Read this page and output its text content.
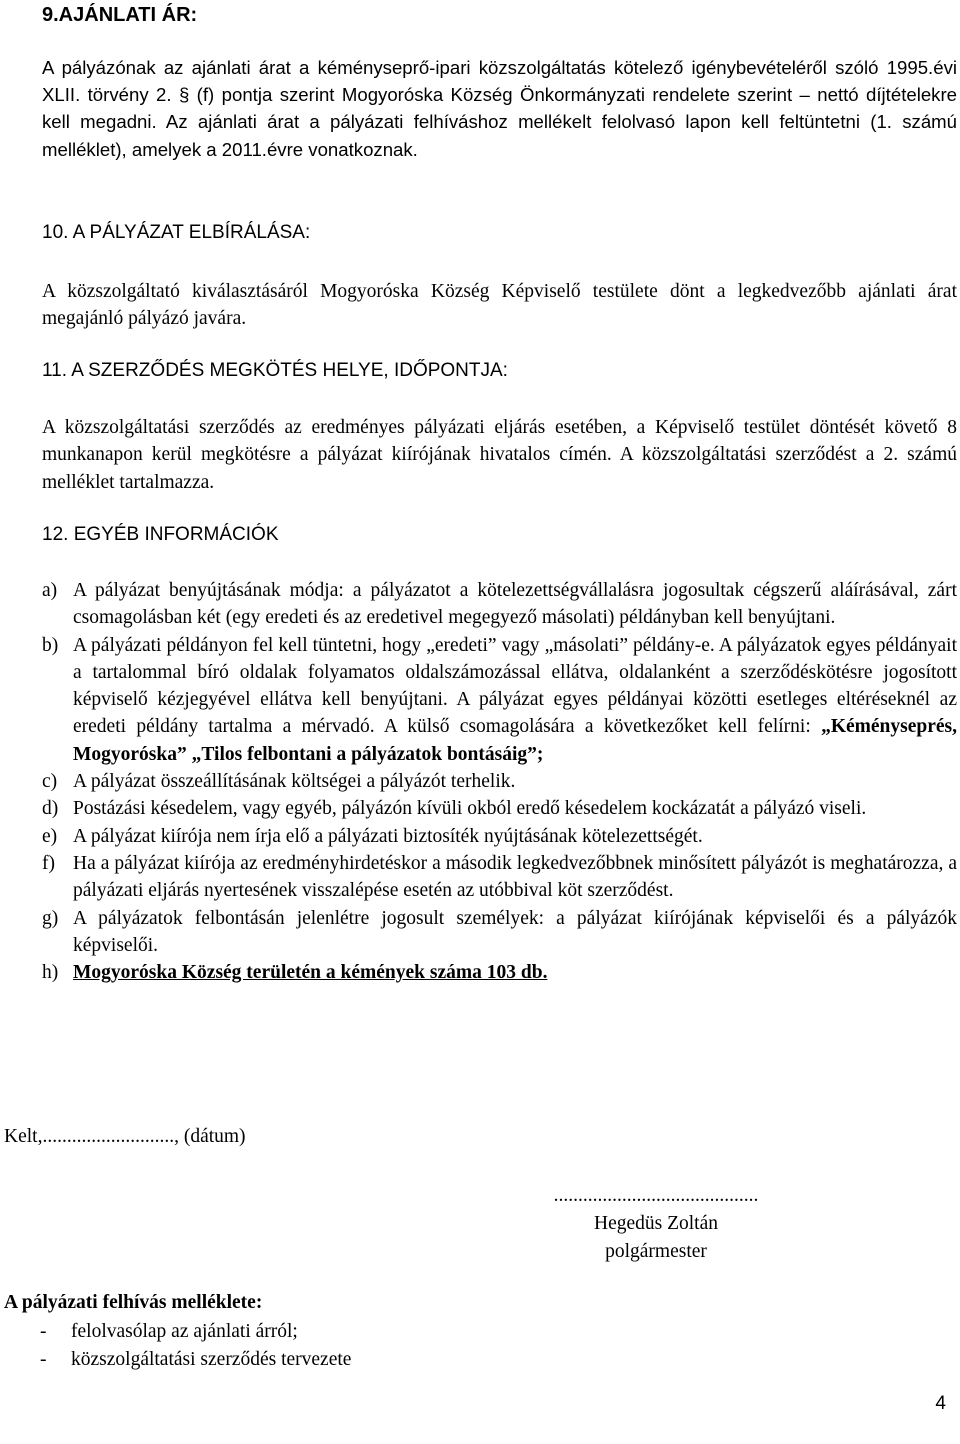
9.AJÁNLATI ÁR:

A pályázónak az ajánlati árat a kéményseprő-ipari közszolgáltatás kötelező igénybevételéről szóló 1995.évi XLII. törvény 2. § (f) pontja szerint Mogyoróska Község Önkormányzati rendelete szerint – nettó díjtételekre kell megadni. Az ajánlati árat a pályázati felhíváshoz mellékelt felolvasó lapon kell feltüntetni (1. számú melléklet), amelyek a 2011.évre vonatkoznak.

10. A PÁLYÁZAT ELBÍRÁLÁSA:

A közszolgáltató kiválasztásáról Mogyoróska Község Képviselő testülete dönt a legkedvezőbb ajánlati árat megajánló pályázó javára.

11. A SZERZŐDÉS MEGKÖTÉS HELYE, IDŐPONTJA:

A közszolgáltatási szerződés az eredményes pályázati eljárás esetében, a Képviselő testület döntését követő 8 munkanapon kerül megkötésre a pályázat kiírójának hivatalos címén. A közszolgáltatási szerződést a 2. számú melléklet tartalmazza.

12. EGYÉB INFORMÁCIÓK
a) A pályázat benyújtásának módja: a pályázatot a kötelezettségvállalásra jogosultak cégszerű aláírásával, zárt csomagolásban két (egy eredeti és az eredetivel megegyező másolati) példányban kell benyújtani.
b) A pályázati példányon fel kell tüntetni, hogy „eredeti” vagy „másolati” példány-e. A pályázatok egyes példányait a tartalommal bíró oldalak folyamatos oldalszámozással ellátva, oldalanként a szerződéskötésre jogosított képviselő kézjegyével ellátva kell benyújtani. A pályázat egyes példányai közötti esetleges eltéréseknél az eredeti példány tartalma a mérvadó. A külső csomagolására a következőket kell felírni: „Kéményseprés, Mogyoróska” „Tilos felbontani a pályázatok bontásáig”;
c) A pályázat összeállításának költségei a pályázót terhelik.
d) Postázási késedelem, vagy egyéb, pályázón kívüli okból eredő késedelem kockázatát a pályázó viseli.
e) A pályázat kiírója nem írja elő a pályázati biztosíték nyújtásának kötelezettségét.
f) Ha a pályázat kiírója az eredményhirdetéskor a második legkedvezőbbnek minősített pályázót is meghatározza, a pályázati eljárás nyertesének visszalépése esetén az utóbbival köt szerződést.
g) A pályázatok felbontásán jelenlétre jogosult személyek: a pályázat kiírójának képviselői és a pályázók képviselői.
h) Mogyoróska Község területén a kémények száma 103 db.
Kelt,..........................., (dátum)
..........................................
Hegedüs Zoltán
polgármester
A pályázati felhívás melléklete:
- felolvasólap az ajánlati árról;
- közszolgáltatási szerződés tervezete
4
